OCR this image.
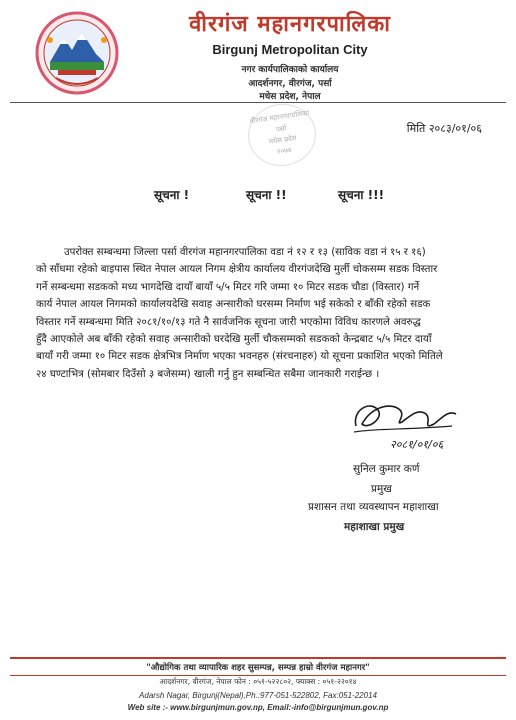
वीरगंज महानगरपालिका
Birgunj Metropolitan City
नगर कार्यपालिकाको कार्यालय
आदर्शनगर, वीरगंज, पर्सा
मधेस प्रदेश, नेपाल
वीरगंज महानगरपालिका
पर्सा
मधेस प्रदेश
२०७४
मिति २०८३/०१/०६
सूचना !	सूचना !!	सूचना !!!
उपरोक्त सम्बन्धमा जिल्ला पर्सा वीरगंज महानगरपालिका वडा नं १२ र १३ (साविक वडा नं १५ र १६)
को साँधमा रहेको बाइपास स्थित नेपाल आयल निगम क्षेत्रीय कार्यालय वीरगंजदेखि मुर्ली चोकसम्म सडक विस्तार
गर्ने सम्बन्धमा सडकको मध्य भागदेखि दायाँ बायाँ ५/५ मिटर गरि जम्मा १० मिटर सडक चौडा (विस्तार) गर्ने
कार्य नेपाल आयल निगमको कार्यालयदेखि सवाह अन्सारीको घरसम्म निर्माण भई सकेको र बाँकी रहेको सडक
विस्तार गर्ने सम्बन्धमा मिति २०८१/१०/१३ गते नै सार्वजनिक सूचना जारी भएकोमा विविध कारणले अवरुद्ध
हुँदै आएकोले अब बाँकी रहेको सवाह अन्सारीको घरदेखि मुर्ली चौकसम्मको सडकको केन्द्रबाट ५/५ मिटर दायाँ
बायाँ गरी जम्मा १० मिटर सडक क्षेत्रभित्र निर्माण भएका भवनहरु (संरचनाहरु) यो सूचना प्रकाशित भएको मितिले
२४ घण्टाभित्र (सोमबार दिउँसो ३ बजेसम्म) खाली गर्नु हुन सम्बन्धित सबैमा जानकारी गराईन्छ ।
२०८१/०१/०६
सुनिल कुमार कर्ण
प्रमुख
प्रशासन तथा व्यवस्थापन महाशाखा
महाशाखा प्रमुख
"औद्योगिक तथा व्यापारिक शहर सुसम्पन्न, सम्पन्न हाम्रो वीरगंज महानगर"
आदर्शनगर, वीरगंज, नेपाल फोन : ०५१-५२२८०२, फ्याक्स : ०५१-२२०१४
Adarsh Nagar, Birgunj(Nepal),Ph.:977-051-522802, Fax:051-22014
Web site :- www.birgunjmun.gov.np, Email:-info@birgunjmun.gov.np
